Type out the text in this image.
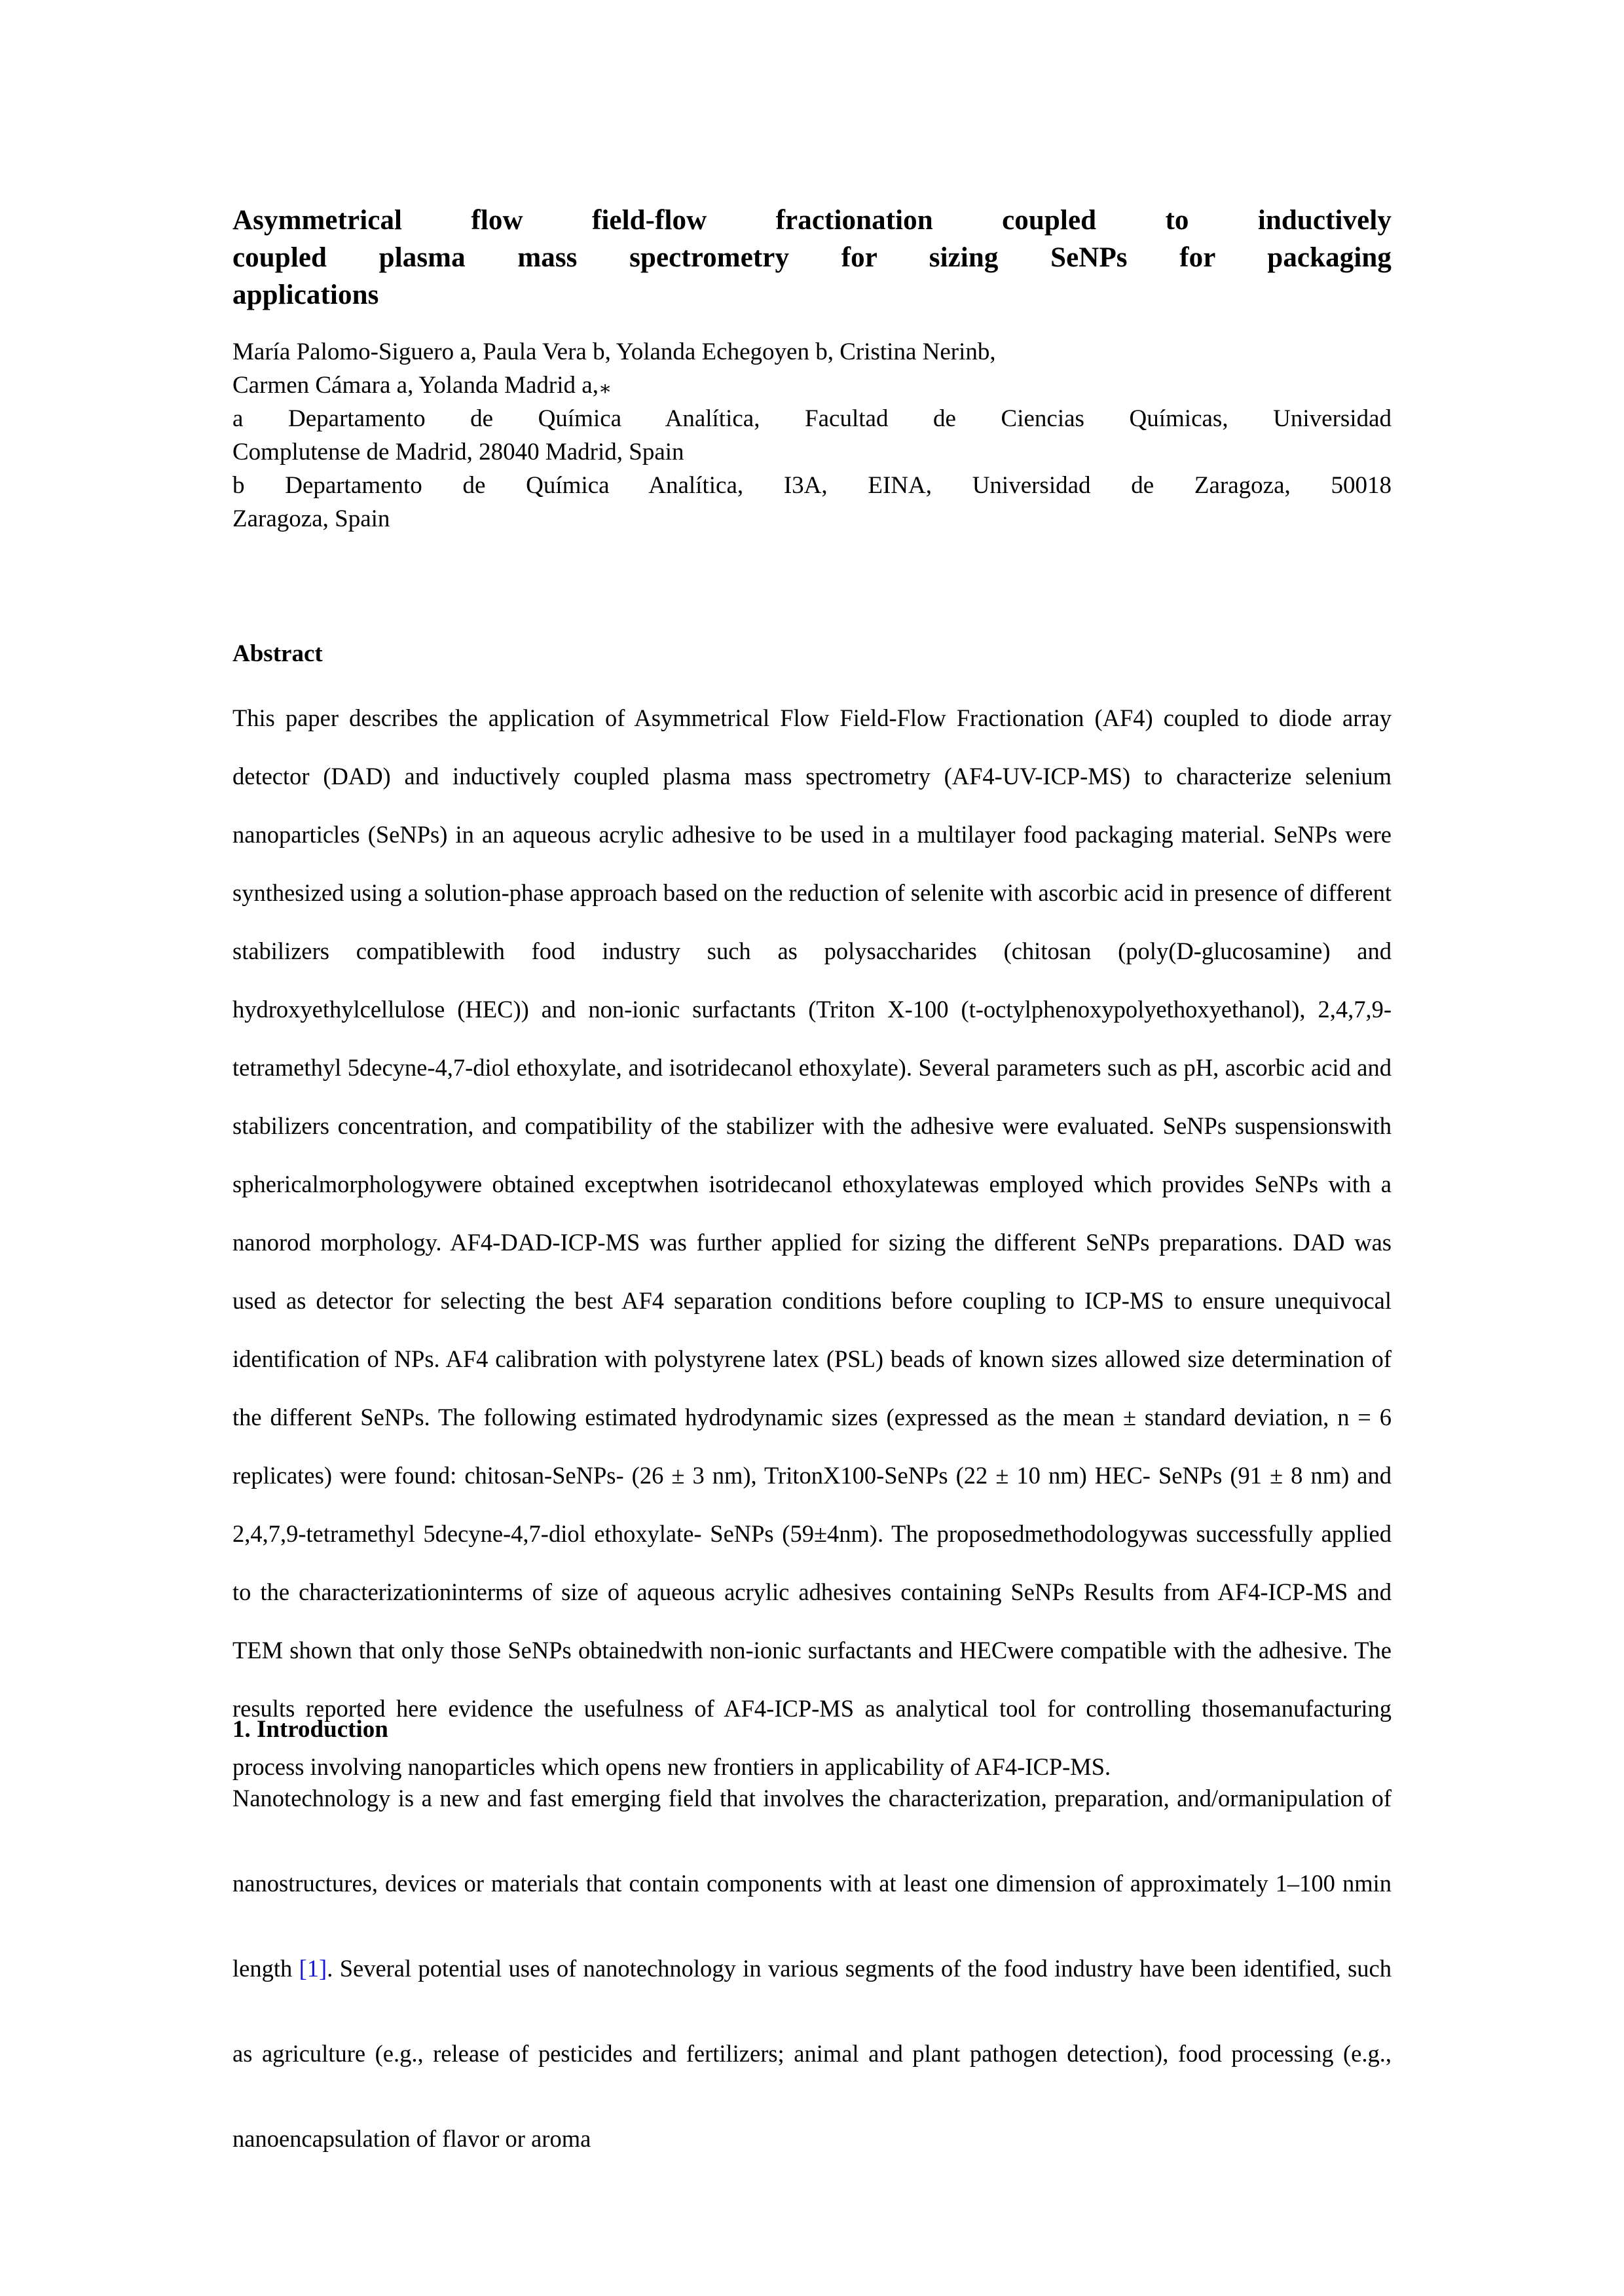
Asymmetrical flow field-flow fractionation coupled to inductively
coupled plasma mass spectrometry for sizing SeNPs for packaging
applications

María Palomo-Siguero a, Paula Vera b, Yolanda Echegoyen b, Cristina Nerinb,
Carmen Cámara a, Yolanda Madrid a,∗

a Departamento de Química Analítica, Facultad de Ciencias Químicas, Universidad
Complutense de Madrid, 28040 Madrid, Spain

b Departamento de Química Analítica, I3A, EINA, Universidad de Zaragoza, 50018
Zaragoza, Spain

Abstract

This paper describes the application of Asymmetrical Flow Field-Flow Fractionation (AF4) coupled to diode array detector (DAD) and inductively coupled plasma mass spectrometry (AF4-UV-ICP-MS) to characterize selenium nanoparticles (SeNPs) in an aqueous acrylic adhesive to be used in a multilayer food packaging material. SeNPs were synthesized using a solution-phase approach based on the reduction of selenite with ascorbic acid in presence of different stabilizers compatiblewith food industry such as polysaccharides (chitosan (poly(D-glucosamine) and hydroxyethylcellulose (HEC)) and non-ionic surfactants (Triton X-100 (t-octylphenoxypolyethoxyethanol), 2,4,7,9-tetramethyl 5decyne-4,7-diol ethoxylate, and isotridecanol ethoxylate). Several parameters such as pH, ascorbic acid and stabilizers concentration, and compatibility of the stabilizer with the adhesive were evaluated. SeNPs suspensionswith sphericalmorphologywere obtained exceptwhen isotridecanol ethoxylatewas employed which provides SeNPs with a nanorod morphology. AF4-DAD-ICP-MS was further applied for sizing the different SeNPs preparations. DAD was used as detector for selecting the best AF4 separation conditions before coupling to ICP-MS to ensure unequivocal identification of NPs. AF4 calibration with polystyrene latex (PSL) beads of known sizes allowed size determination of the different SeNPs. The following estimated hydrodynamic sizes (expressed as the mean ± standard deviation, n = 6 replicates) were found: chitosan-SeNPs- (26 ± 3 nm), TritonX100-SeNPs (22 ± 10 nm) HEC- SeNPs (91 ± 8 nm) and 2,4,7,9-tetramethyl 5decyne-4,7-diol ethoxylate- SeNPs (59±4nm). The proposedmethodologywas successfully applied to the characterizationinterms of size of aqueous acrylic adhesives containing SeNPs Results from AF4-ICP-MS and TEM shown that only those SeNPs obtainedwith non-ionic surfactants and HECwere compatible with the adhesive. The results reported here evidence the usefulness of AF4-ICP-MS as analytical tool for controlling thosemanufacturing process involving nanoparticles which opens new frontiers in applicability of AF4-ICP-MS.

1. Introduction

Nanotechnology is a new and fast emerging field that involves the characterization, preparation, and/ormanipulation of nanostructures, devices or materials that contain components with at least one dimension of approximately 1–100 nmin length [1]. Several potential uses of nanotechnology in various segments of the food industry have been identified, such as agriculture (e.g., release of pesticides and fertilizers; animal and plant pathogen detection), food processing (e.g., nanoencapsulation of flavor or aroma
